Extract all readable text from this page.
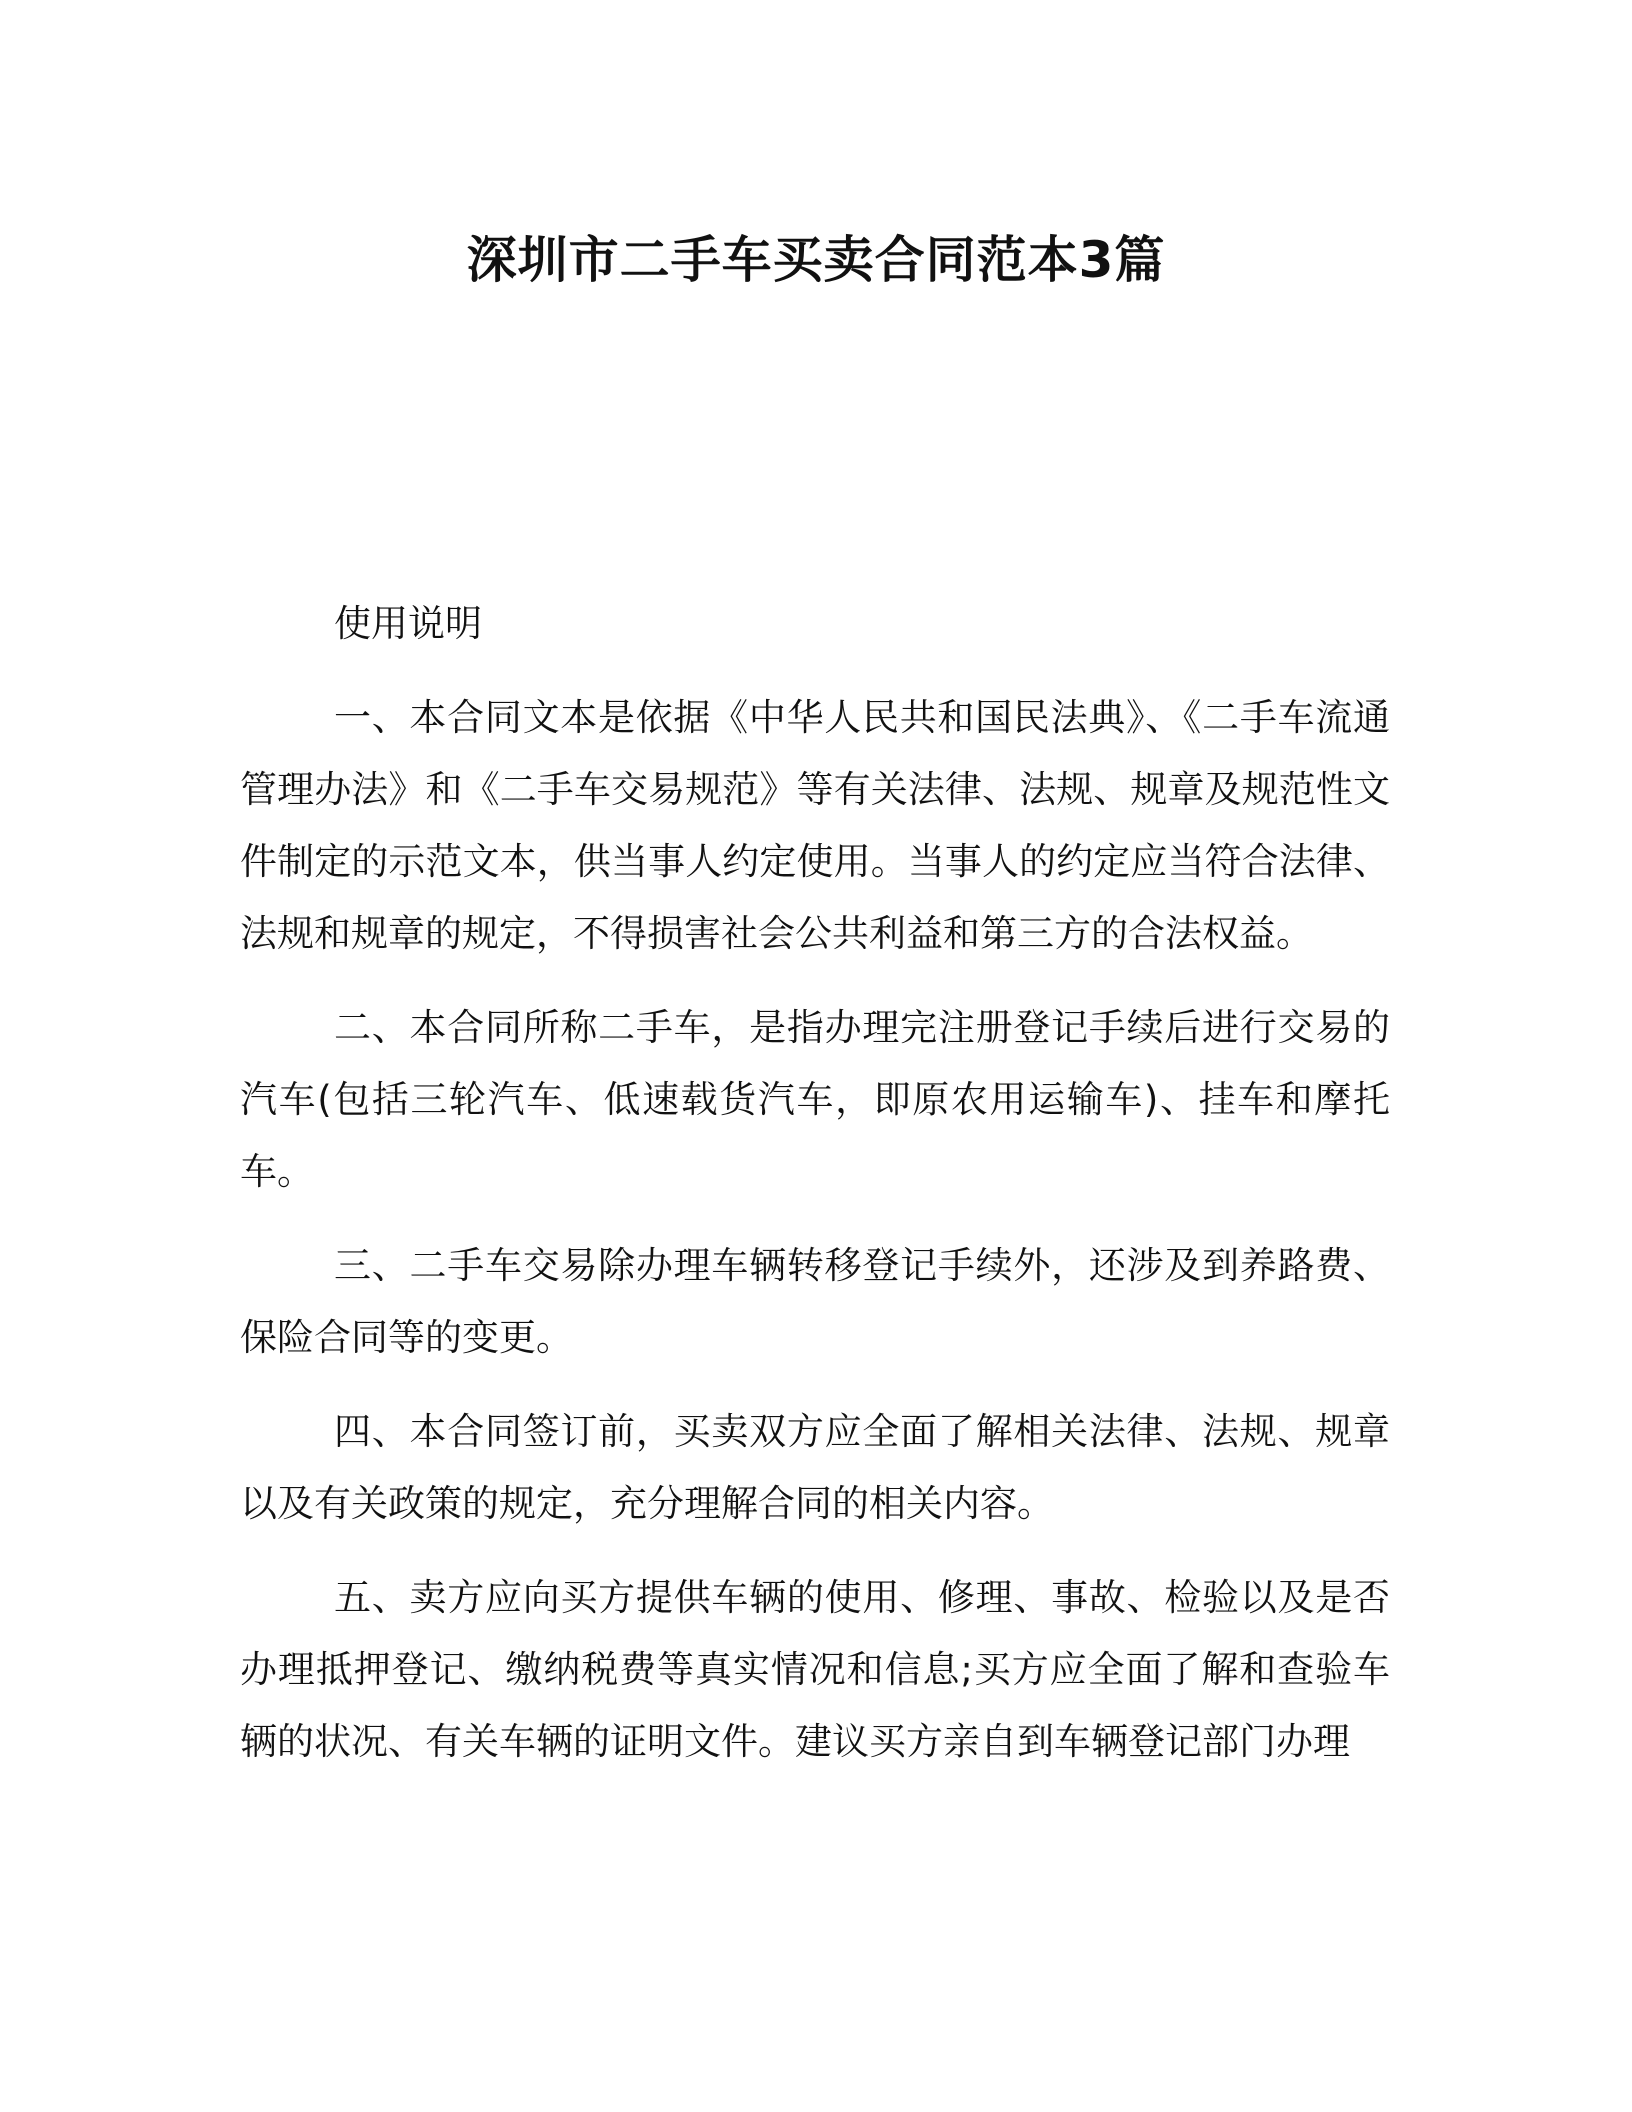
深圳市二手车买卖合同范本3篇

使用说明

一、本合同文本是依据《中华人民共和国民法典》、《二手车流通管理办法》和《二手车交易规范》等有关法律、法规、规章及规范性文件制定的示范文本，供当事人约定使用。当事人的约定应当符合法律、法规和规章的规定，不得损害社会公共利益和第三方的合法权益。

二、本合同所称二手车，是指办理完注册登记手续后进行交易的汽车(包括三轮汽车、低速载货汽车，即原农用运输车)、挂车和摩托车。

三、二手车交易除办理车辆转移登记手续外，还涉及到养路费、保险合同等的变更。

四、本合同签订前，买卖双方应全面了解相关法律、法规、规章以及有关政策的规定，充分理解合同的相关内容。

五、卖方应向买方提供车辆的使用、修理、事故、检验以及是否办理抵押登记、缴纳税费等真实情况和信息;买方应全面了解和查验车辆的状况、有关车辆的证明文件。建议买方亲自到车辆登记部门办理
